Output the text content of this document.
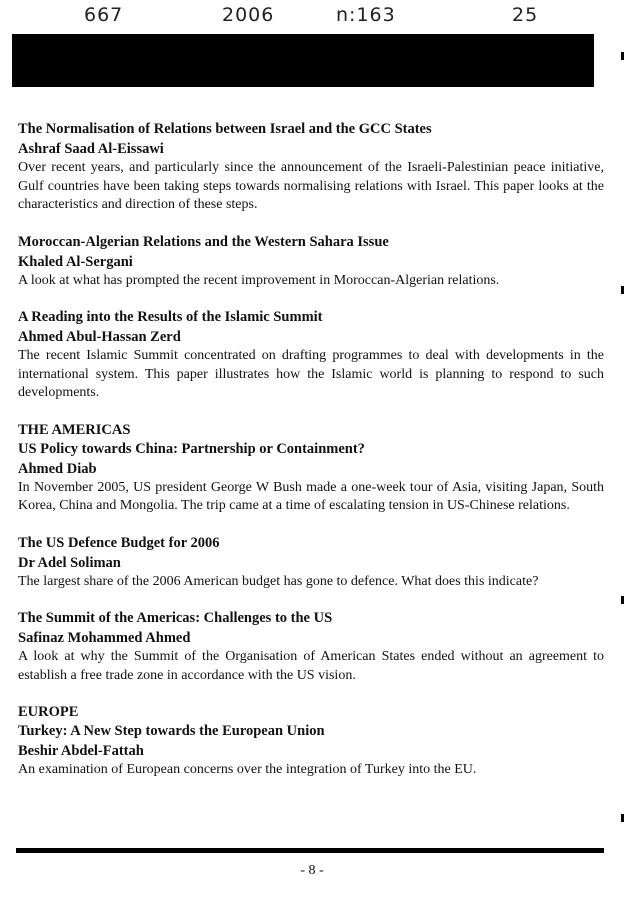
667	2006	n:163	25

The Normalisation of Relations between Israel and the GCC States

Ashraf Saad Al-Eissawi

Over recent years, and particularly since the announcement of the Israeli-Palestinian peace initiative, Gulf countries have been taking steps towards normalising relations with Israel. This paper looks at the characteristics and direction of these steps.

Moroccan-Algerian Relations and the Western Sahara Issue

Khaled Al-Sergani

A look at what has prompted the recent improvement in Moroccan-Algerian relations.

A Reading into the Results of the Islamic Summit

Ahmed Abul-Hassan Zerd

The recent Islamic Summit concentrated on drafting programmes to deal with developments in the international system. This paper illustrates how the Islamic world is planning to respond to such developments.

THE AMERICAS

US Policy towards China: Partnership or Containment?

Ahmed Diab

In November 2005, US president George W Bush made a one-week tour of Asia, visiting Japan, South Korea, China and Mongolia. The trip came at a time of escalating tension in US-Chinese relations.

The US Defence Budget for 2006

Dr Adel Soliman

The largest share of the 2006 American budget has gone to defence. What does this indicate?

The Summit of the Americas: Challenges to the US

Safinaz Mohammed Ahmed

A look at why the Summit of the Organisation of American States ended without an agreement to establish a free trade zone in accordance with the US vision.

EUROPE

Turkey: A New Step towards the European Union

Beshir Abdel-Fattah

An examination of European concerns over the integration of Turkey into the EU.

- 8 -
